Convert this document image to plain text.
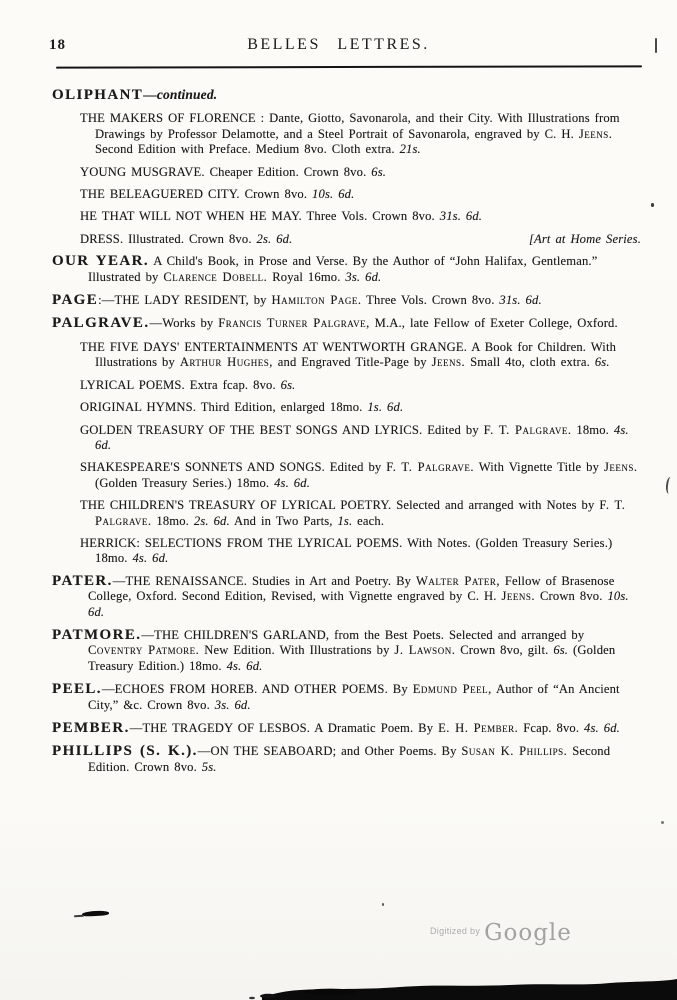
18	BELLES LETTRES.

OLIPHANT—continued.

THE MAKERS OF FLORENCE : Dante, Giotto, Savonarola, and their City. With Illustrations from Drawings by Professor Delamotte, and a Steel Portrait of Savonarola, engraved by C. H. Jeens. Second Edition with Preface. Medium 8vo. Cloth extra. 21s.

YOUNG MUSGRAVE. Cheaper Edition. Crown 8vo. 6s.

THE BELEAGUERED CITY. Crown 8vo. 10s. 6d.

HE THAT WILL NOT WHEN HE MAY. Three Vols. Crown 8vo. 31s. 6d.

[Art at Home Series.
DRESS. Illustrated. Crown 8vo. 2s. 6d.

OUR YEAR. A Child's Book, in Prose and Verse. By the Author of “John Halifax, Gentleman.” Illustrated by Clarence Dobell. Royal 16mo. 3s. 6d.

PAGE:—THE LADY RESIDENT, by Hamilton Page. Three Vols. Crown 8vo. 31s. 6d.

PALGRAVE.—Works by Francis Turner Palgrave, M.A., late Fellow of Exeter College, Oxford.

THE FIVE DAYS' ENTERTAINMENTS AT WENTWORTH GRANGE. A Book for Children. With Illustrations by Arthur Hughes, and Engraved Title-Page by Jeens. Small 4to, cloth extra. 6s.

LYRICAL POEMS. Extra fcap. 8vo. 6s.

ORIGINAL HYMNS. Third Edition, enlarged 18mo. 1s. 6d.

GOLDEN TREASURY OF THE BEST SONGS AND LYRICS. Edited by F. T. Palgrave. 18mo. 4s. 6d.

SHAKESPEARE'S SONNETS AND SONGS. Edited by F. T. Palgrave. With Vignette Title by Jeens. (Golden Treasury Series.) 18mo. 4s. 6d.

THE CHILDREN'S TREASURY OF LYRICAL POETRY. Selected and arranged with Notes by F. T. Palgrave. 18mo. 2s. 6d. And in Two Parts, 1s. each.

HERRICK: SELECTIONS FROM THE LYRICAL POEMS. With Notes. (Golden Treasury Series.) 18mo. 4s. 6d.

PATER.—THE RENAISSANCE. Studies in Art and Poetry. By Walter Pater, Fellow of Brasenose College, Oxford. Second Edition, Revised, with Vignette engraved by C. H. Jeens. Crown 8vo. 10s. 6d.

PATMORE.—THE CHILDREN'S GARLAND, from the Best Poets. Selected and arranged by Coventry Patmore. New Edition. With Illustrations by J. Lawson. Crown 8vo, gilt. 6s. (Golden Treasury Edition.) 18mo. 4s. 6d.

PEEL.—ECHOES FROM HOREB. AND OTHER POEMS. By Edmund Peel, Author of “An Ancient City,” &c. Crown 8vo. 3s. 6d.

PEMBER.—THE TRAGEDY OF LESBOS. A Dramatic Poem. By E. H. Pember. Fcap. 8vo. 4s. 6d.

PHILLIPS (S. K.).—ON THE SEABOARD; and Other Poems. By Susan K. Phillips. Second Edition. Crown 8vo. 5s.

$^{Digitized by}$ Google
